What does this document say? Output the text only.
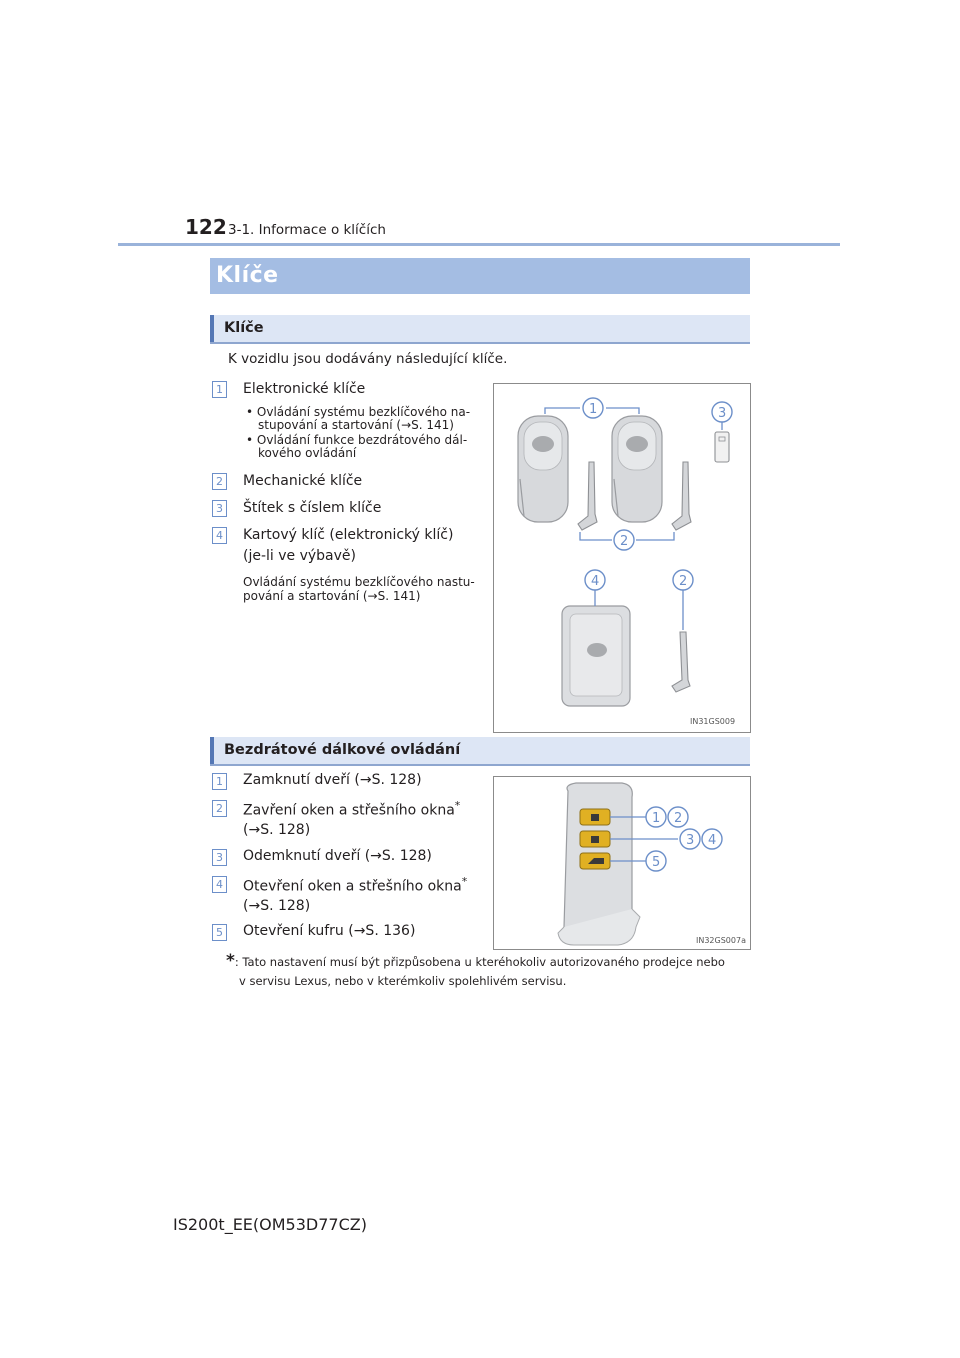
122 3-1. Informace o klíčích
Klíče
Klíče
K vozidlu jsou dodávány následující klíče.
1 Elektronické klíče
• Ovládání systému bezklíčového na-
stupování a startování (→S. 141)
• Ovládání funkce bezdrátového dál-
kového ovládání
2 Mechanické klíče
3 Štítek s číslem klíče
4 Kartový klíč (elektronický klíč)
(je-li ve výbavě)
Ovládání systému bezklíčového nastu-
pování a startování (→S. 141)
1	3
2
4	2
IN31GS009
Bezdrátové dálkové ovládání
1 Zamknutí dveří (→S. 128)
2 Zavření oken a střešního okna*
(→S. 128)
3 Odemknutí dveří (→S. 128)
4 Otevření oken a střešního okna*
(→S. 128)
5 Otevření kufru (→S. 136)
1 2
3 4
5
IN32GS007a
*: Tato nastavení musí být přizpůsobena u kteréhokoliv autorizovaného prodejce nebo
v servisu Lexus, nebo v kterémkoliv spolehlivém servisu.
IS200t_EE(OM53D77CZ)
